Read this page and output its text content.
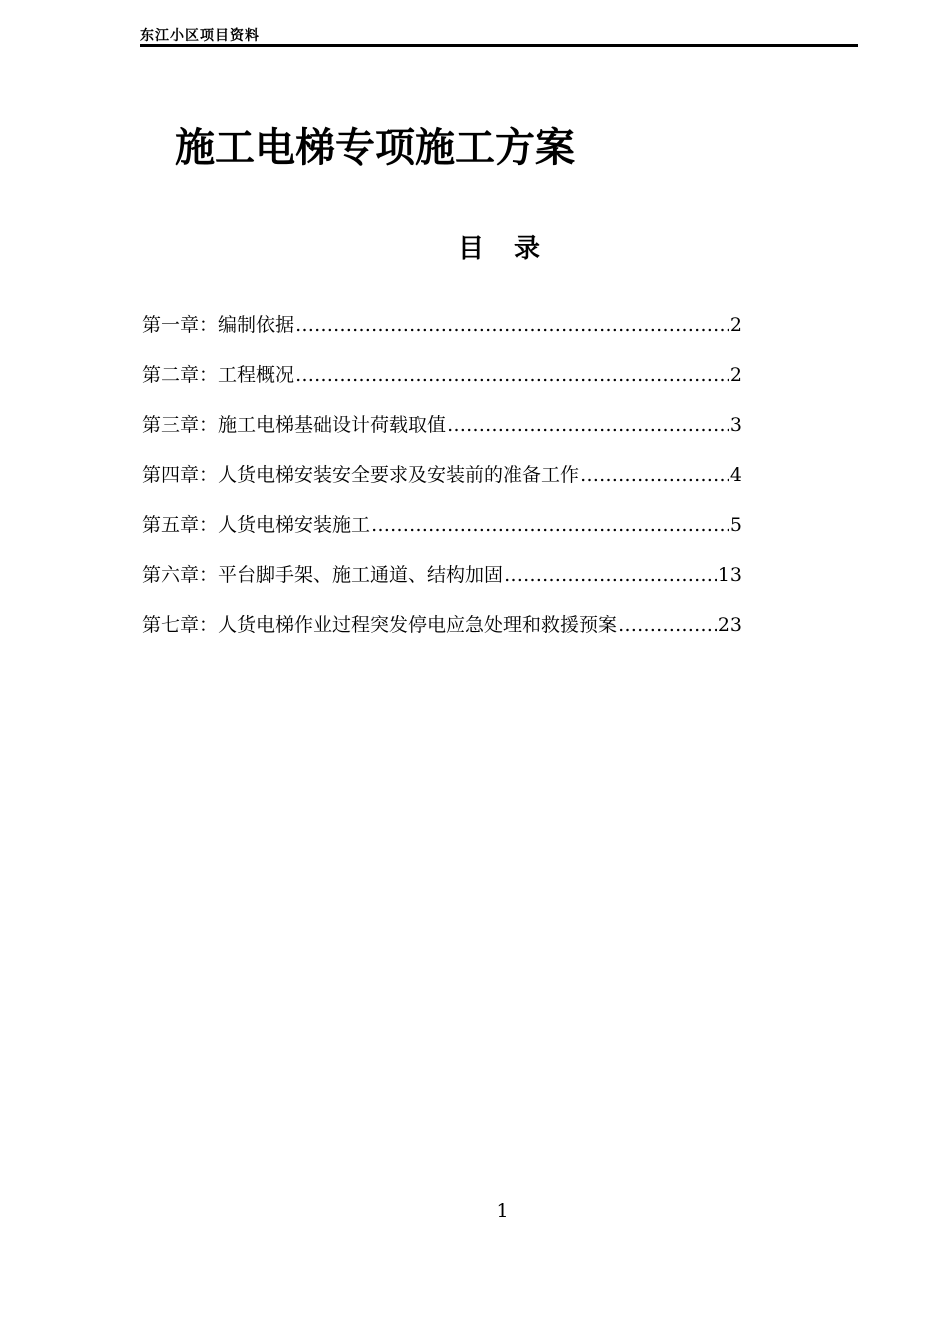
东江小区项目资料
施工电梯专项施工方案
目录
第一章：编制依据 ……………………………………………………………………………………………………………………………………	2
第二章：工程概况 ……………………………………………………………………………………………………………………………………	2
第三章：施工电梯基础设计荷载取值 ……………………………………………………………………………………………………………………………………	3
第四章：人货电梯安装安全要求及安装前的准备工作 ……………………………………………………………………………………………………………………………………	4
第五章：人货电梯安装施工 ……………………………………………………………………………………………………………………………………	5
第六章：平台脚手架、施工通道、结构加固 ……………………………………………………………………………………………………………………………………	13
第七章：人货电梯作业过程突发停电应急处理和救援预案 ……………………………………………………………………………………………………………………………………	23
1
